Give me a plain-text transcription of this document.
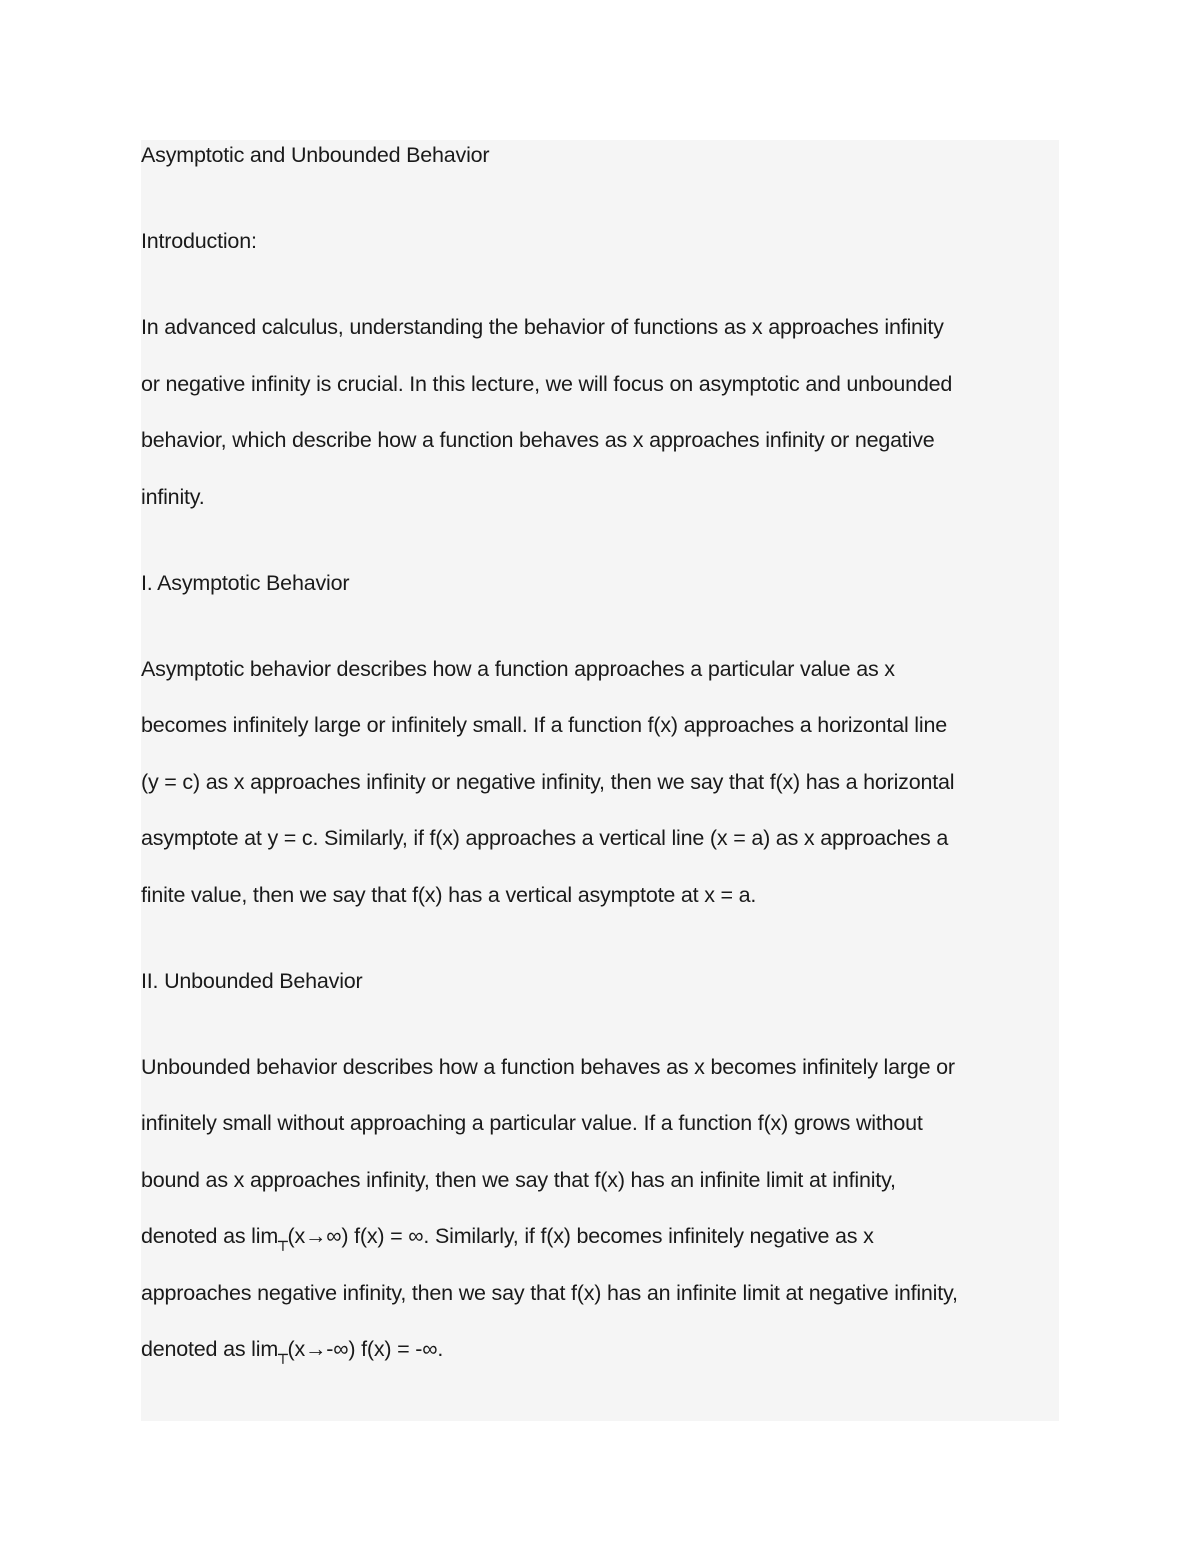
Asymptotic and Unbounded Behavior
Introduction:
In advanced calculus, understanding the behavior of functions as x approaches infinity
or negative infinity is crucial. In this lecture, we will focus on asymptotic and unbounded
behavior, which describe how a function behaves as x approaches infinity or negative
infinity.
I. Asymptotic Behavior
Asymptotic behavior describes how a function approaches a particular value as x
becomes infinitely large or infinitely small. If a function f(x) approaches a horizontal line
(y = c) as x approaches infinity or negative infinity, then we say that f(x) has a horizontal
asymptote at y = c. Similarly, if f(x) approaches a vertical line (x = a) as x approaches a
finite value, then we say that f(x) has a vertical asymptote at x = a.
II. Unbounded Behavior
Unbounded behavior describes how a function behaves as x becomes infinitely large or
infinitely small without approaching a particular value. If a function f(x) grows without
bound as x approaches infinity, then we say that f(x) has an infinite limit at infinity,
denoted as lim┬(x→∞) f(x) = ∞. Similarly, if f(x) becomes infinitely negative as x
approaches negative infinity, then we say that f(x) has an infinite limit at negative infinity,
denoted as lim┬(x→-∞) f(x) = -∞.
